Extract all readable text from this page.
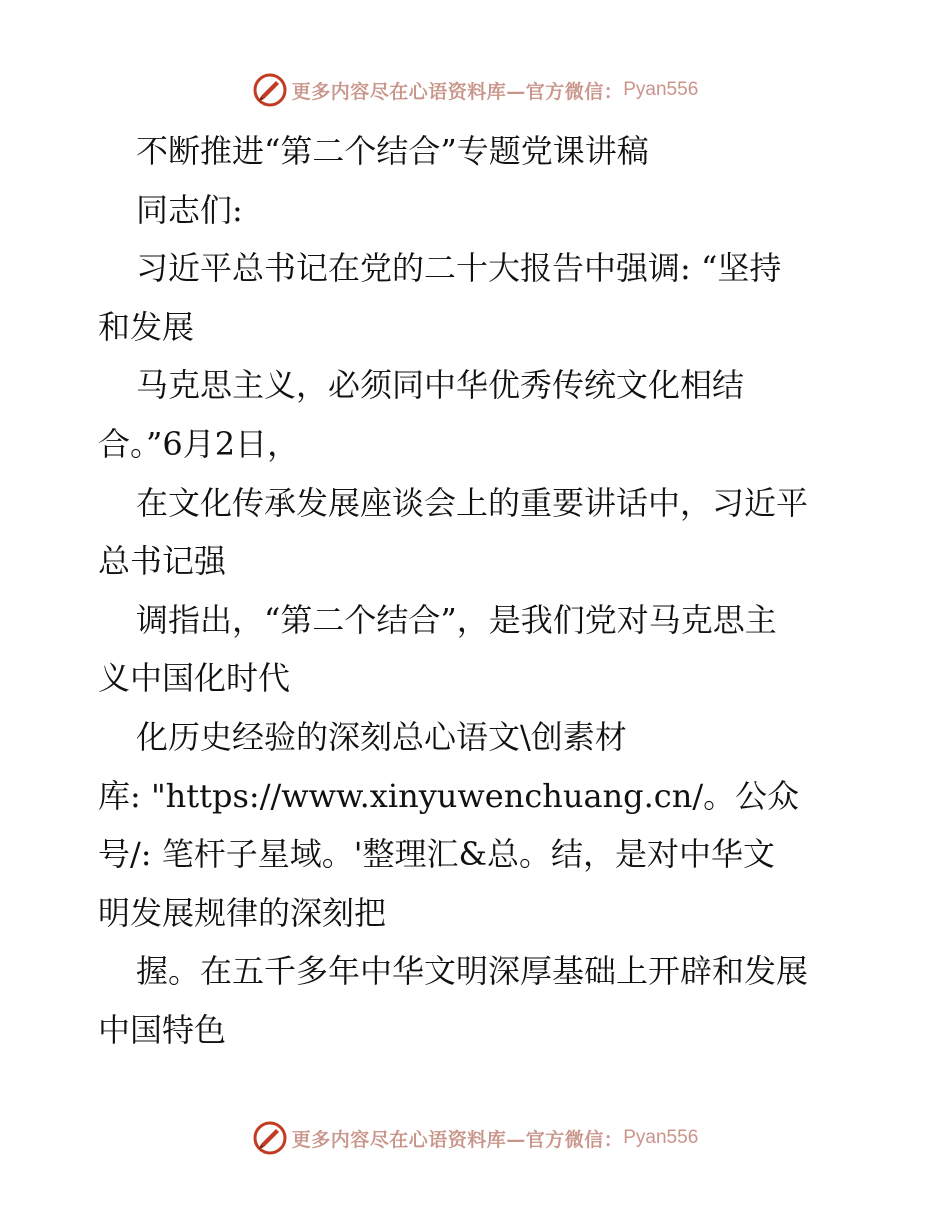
更多内容尽在心语资料库—官方微信： Pyan556
不断推进“第二个结合”专题党课讲稿
同志们:
习近平总书记在党的二十大报告中强调: “坚持
和发展
马克思主义，必须同中华优秀传统文化相结
合。”6月2日，
在文化传承发展座谈会上的重要讲话中，习近平
总书记强
调指出，“第二个结合”，是我们党对马克思主
义中国化时代
化历史经验的深刻总心语文\创素材
库: "https://www.xinyuwenchuang.cn/。公众
号/: 笔杆子星域。'整理汇&总。结，是对中华文
明发展规律的深刻把
握。在五千多年中华文明深厚基础上开辟和发展
中国特色
更多内容尽在心语资料库—官方微信： Pyan556
